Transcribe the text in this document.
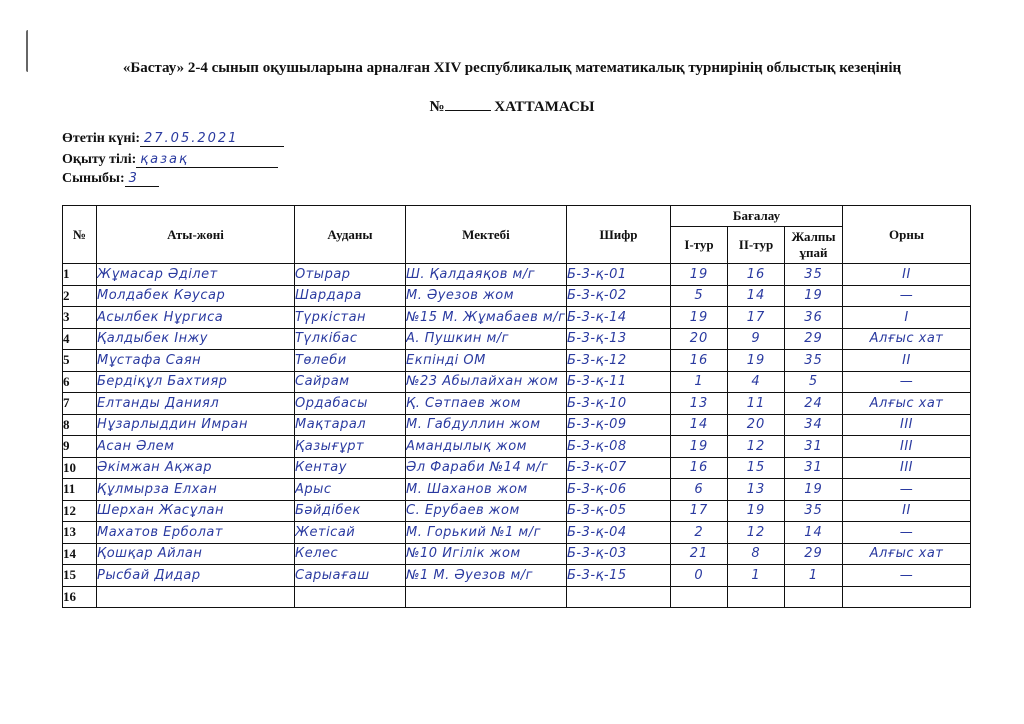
«Бастау» 2-4 сынып оқушыларына арналған XIV республикалық математикалық турнирінің облыстық кезеңінің
№	ХАТТАМАСЫ
Өтетін күні: 27.05.2021
Оқыту тілі: қазақ
Сыныбы: 3
№	Аты-жөні	Ауданы	Мектебі	Шифр	Бағалау			Орны
					І-тур	ІІ-тур	Жалпы ұпай	
1	Жұмасар Әділет	Отырар	Ш. Қалдаяқов м/г	Б-3-қ-01	19	16	35	II
2	Молдабек Кәусар	Шардара	М. Әуезов жом	Б-3-қ-02	5	14	19	—
3	Асылбек Нұргиса	Түркістан	№15 М. Жұмабаев м/г	Б-3-қ-14	19	17	36	I
4	Қалдыбек Інжу	Түлкібас	А. Пушкин м/г	Б-3-қ-13	20	9	29	Алғыс хат
5	Мұстафа Саян	Төлеби	Екпінді ОМ	Б-3-қ-12	16	19	35	II
6	Бердіқұл Бахтияр	Сайрам	№23 Абылайхан жом	Б-3-қ-11	1	4	5	—
7	Елтанды Даниял	Ордабасы	Қ. Сәтпаев жом	Б-3-қ-10	13	11	24	Алғыс хат
8	Нұзарлыддин Имран	Мақтарал	М. Габдуллин жом	Б-3-қ-09	14	20	34	III
9	Асан Әлем	Қазығұрт	Амандылық жом	Б-3-қ-08	19	12	31	III
10	Әкімжан Ақжар	Кентау	Әл Фараби №14 м/г	Б-3-қ-07	16	15	31	III
11	Құлмырза Елхан	Арыс	М. Шаханов жом	Б-3-қ-06	6	13	19	—
12	Шерхан Жасұлан	Бәйдібек	С. Ерубаев жом	Б-3-қ-05	17	19	35	II
13	Махатов Ерболат	Жетісай	М. Горький №1 м/г	Б-3-қ-04	2	12	14	—
14	Қошқар Айлан	Келес	№10 Игілік жом	Б-3-қ-03	21	8	29	Алғыс хат
15	Рысбай Дидар	Сарыағаш	№1 М. Әуезов м/г	Б-3-қ-15	0	1	1	—
16								
